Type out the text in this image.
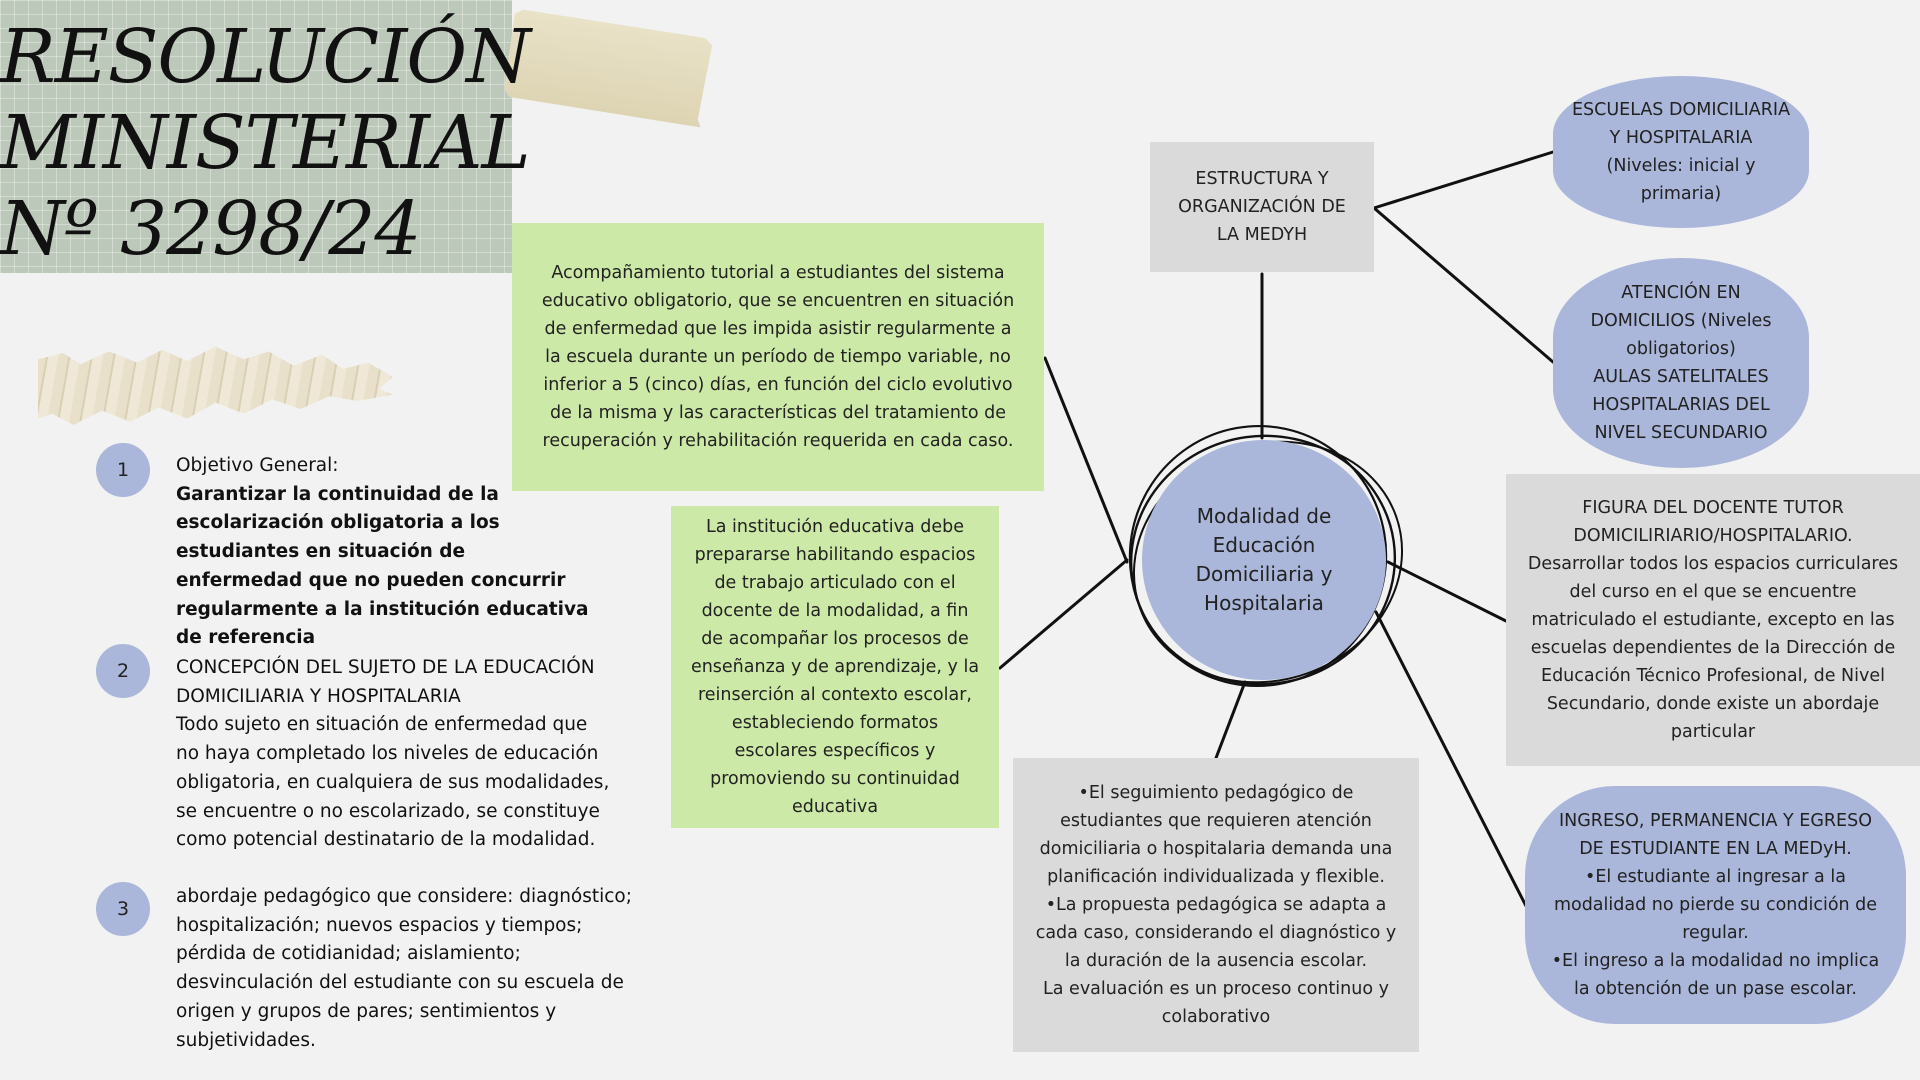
RESOLUCIÓN
MINISTERIAL
Nº 3298/24
1	Objetivo General:
Garantizar la continuidad de la escolarización obligatoria a los estudiantes en situación de enfermedad que no pueden concurrir regularmente a la institución educativa de referencia
2	CONCEPCIÓN DEL SUJETO DE LA EDUCACIÓN DOMICILIARIA Y HOSPITALARIA
Todo sujeto en situación de enfermedad que no haya completado los niveles de educación obligatoria, en cualquiera de sus modalidades, se encuentre o no escolarizado, se constituye como potencial destinatario de la modalidad.
3
abordaje pedagógico que considere: diagnóstico; hospitalización; nuevos espacios y tiempos; pérdida de cotidianidad; aislamiento; desvinculación del estudiante con su escuela de origen y grupos de pares; sentimientos y subjetividades.
Acompañamiento tutorial a estudiantes del sistema educativo obligatorio, que se encuentren en situación de enfermedad que les impida asistir regularmente a la escuela durante un período de tiempo variable, no inferior a 5 (cinco) días, en función del ciclo evolutivo de la misma y las características del tratamiento de recuperación y rehabilitación requerida en cada caso.
La institución educativa debe prepararse habilitando espacios de trabajo articulado con el docente de la modalidad, a fin de acompañar los procesos de enseñanza y de aprendizaje, y la reinserción al contexto escolar, estableciendo formatos escolares específicos y promoviendo su continuidad educativa
ESTRUCTURA Y ORGANIZACIÓN DE LA MEDYH
ESCUELAS DOMICILIARIA Y HOSPITALARIA (Niveles: inicial y primaria)
ATENCIÓN EN DOMICILIOS (Niveles obligatorios)
AULAS SATELITALES HOSPITALARIAS DEL NIVEL SECUNDARIO
FIGURA DEL DOCENTE TUTOR DOMICILIRIARIO/HOSPITALARIO.
Desarrollar todos los espacios curriculares del curso en el que se encuentre matriculado el estudiante, excepto en las escuelas dependientes de la Dirección de Educación Técnico Profesional, de Nivel Secundario, donde existe un abordaje particular
•El seguimiento pedagógico de estudiantes que requieren atención domiciliaria o hospitalaria demanda una planificación individualizada y flexible.
•La propuesta pedagógica se adapta a cada caso, considerando el diagnóstico y la duración de la ausencia escolar.
La evaluación es un proceso continuo y colaborativo
INGRESO, PERMANENCIA Y EGRESO DE ESTUDIANTE EN LA MEDyH.
•El estudiante al ingresar a la modalidad no pierde su condición de regular.
•El ingreso a la modalidad no implica la obtención de un pase escolar.
Modalidad de Educación Domiciliaria y Hospitalaria
